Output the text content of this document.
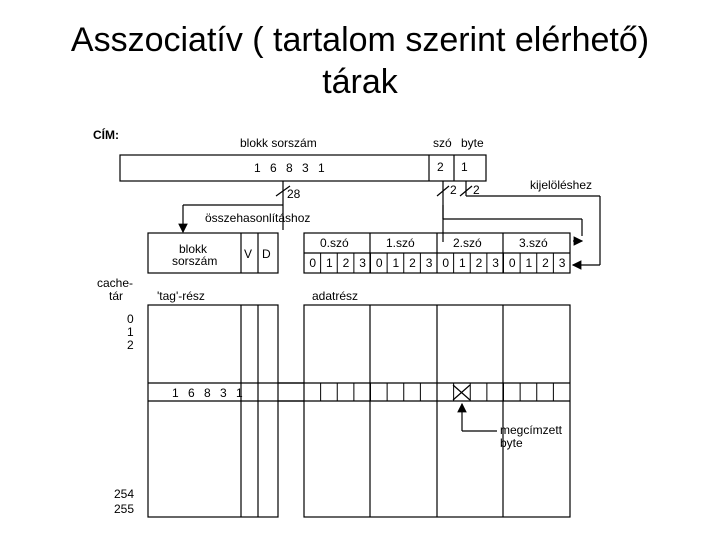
Asszociatív ( tartalom szerint elérhető)
tárak
CÍM:
blokk sorszám	szó byte
1 6 8 3 1	2 1
28	2 2
összehasonlításhoz
kijelöléshez
blokk
sorszám V D
0.szó	1.szó	2.szó	3.szó
0 1 2 3 0 1 2 3 0 1 2 3 0 1 2 3
cache-
tár	'tag'-rész	adatrész
0
1
2
254
255
1 6 8 3 1
megcímzett
byte
